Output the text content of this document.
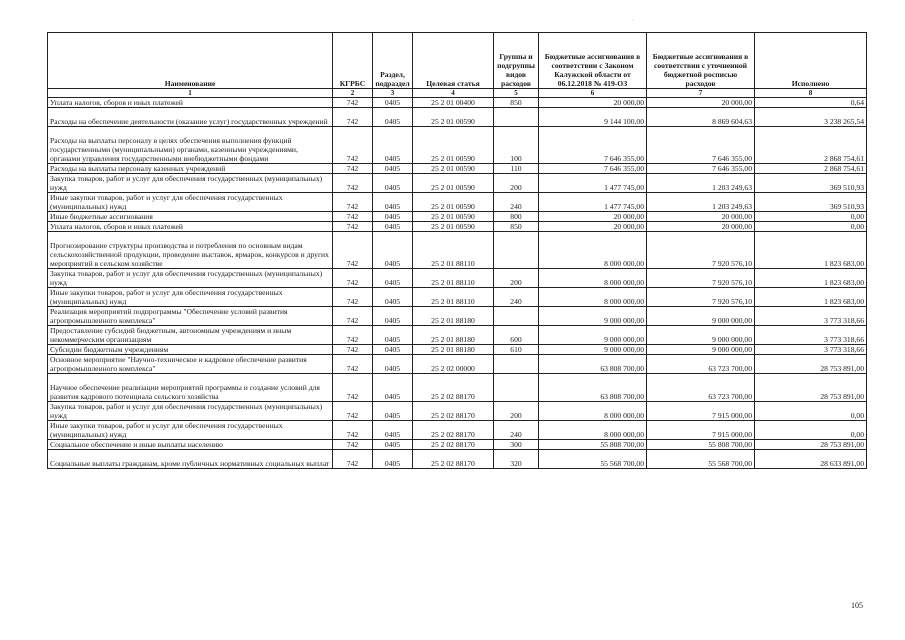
·
Наименование	КГРБС	Раздел, подраздел	Целевая статья	Группы и подгруппы видов расходов	Бюджетные ассигнования в соответствии с Законом Калужской области от 06.12.2018 № 419-ОЗ	Бюджетные ассигнования в соответствии с уточненной бюджетной росписью расходов	Исполнено
1	2	3	4	5	6	7	8
Уплата налогов, сборов и иных платежей	742	0405	25 2 01 00400	850	20 000,00	20 000,00	0,64
Расходы на обеспечение деятельности (оказание услуг) государственных учреждений	742	0405	25 2 01 00590		9 144 100,00	8 869 604,63	3 238 265,54
Расходы на выплаты персоналу в целях обеспечения выполнения функций государственными (муниципальными) органами, казенными учреждениями, органами управления государственными внебюджетными фондами	742	0405	25 2 01 00590	100	7 646 355,00	7 646 355,00	2 868 754,61
Расходы на выплаты персоналу казенных учреждений	742	0405	25 2 01 00590	110	7 646 355,00	7 646 355,00	2 868 754,61
Закупка товаров, работ и услуг для обеспечения государственных (муниципальных) нужд	742	0405	25 2 01 00590	200	1 477 745,00	1 203 249,63	369 510,93
Иные закупки товаров, работ и услуг для обеспечения государственных (муниципальных) нужд	742	0405	25 2 01 00590	240	1 477 745,00	1 203 249,63	369 510,93
Иные бюджетные ассигнования	742	0405	25 2 01 00590	800	20 000,00	20 000,00	0,00
Уплата налогов, сборов и иных платежей	742	0405	25 2 01 00590	850	20 000,00	20 000,00	0,00
Прогнозирование структуры производства и потребления по основным видам сельскохозяйственной продукции, проведение выставок, ярмарок, конкурсов и других мероприятий в сельском хозяйстве	742	0405	25 2 01 88110		8 000 000,00	7 920 576,10	1 823 683,00
Закупка товаров, работ и услуг для обеспечения государственных (муниципальных) нужд	742	0405	25 2 01 88110	200	8 000 000,00	7 920 576,10	1 823 683,00
Иные закупки товаров, работ и услуг для обеспечения государственных (муниципальных) нужд	742	0405	25 2 01 88110	240	8 000 000,00	7 920 576,10	1 823 683,00
Реализация мероприятий подпрограммы "Обеспечение условий развития агропромышленного комплекса"	742	0405	25 2 01 88180		9 000 000,00	9 000 000,00	3 773 318,66
Предоставление субсидий бюджетным, автономным учреждениям и иным некоммерческим организациям	742	0405	25 2 01 88180	600	9 000 000,00	9 000 000,00	3 773 318,66
Субсидии бюджетным учреждениям	742	0405	25 2 01 88180	610	9 000 000,00	9 000 000,00	3 773 318,66
Основное мероприятие "Научно-техническое и кадровое обеспечение развития агропромышленного комплекса"	742	0405	25 2 02 00000		63 808 700,00	63 723 700,00	28 753 891,00
Научное обеспечение реализации мероприятий программы и создание условий для развития кадрового потенциала сельского хозяйства	742	0405	25 2 02 88170		63 808 700,00	63 723 700,00	28 753 891,00
Закупка товаров, работ и услуг для обеспечения государственных (муниципальных) нужд	742	0405	25 2 02 88170	200	8 000 000,00	7 915 000,00	0,00
Иные закупки товаров, работ и услуг для обеспечения государственных (муниципальных) нужд	742	0405	25 2 02 88170	240	8 000 000,00	7 915 000,00	0,00
Социальное обеспечение и иные выплаты населению	742	0405	25 2 02 88170	300	55 808 700,00	55 808 700,00	28 753 891,00
Социальные выплаты гражданам, кроме публичных нормативных социальных выплат	742	0405	25 2 02 88170	320	55 568 700,00	55 568 700,00	28 633 891,00
105
